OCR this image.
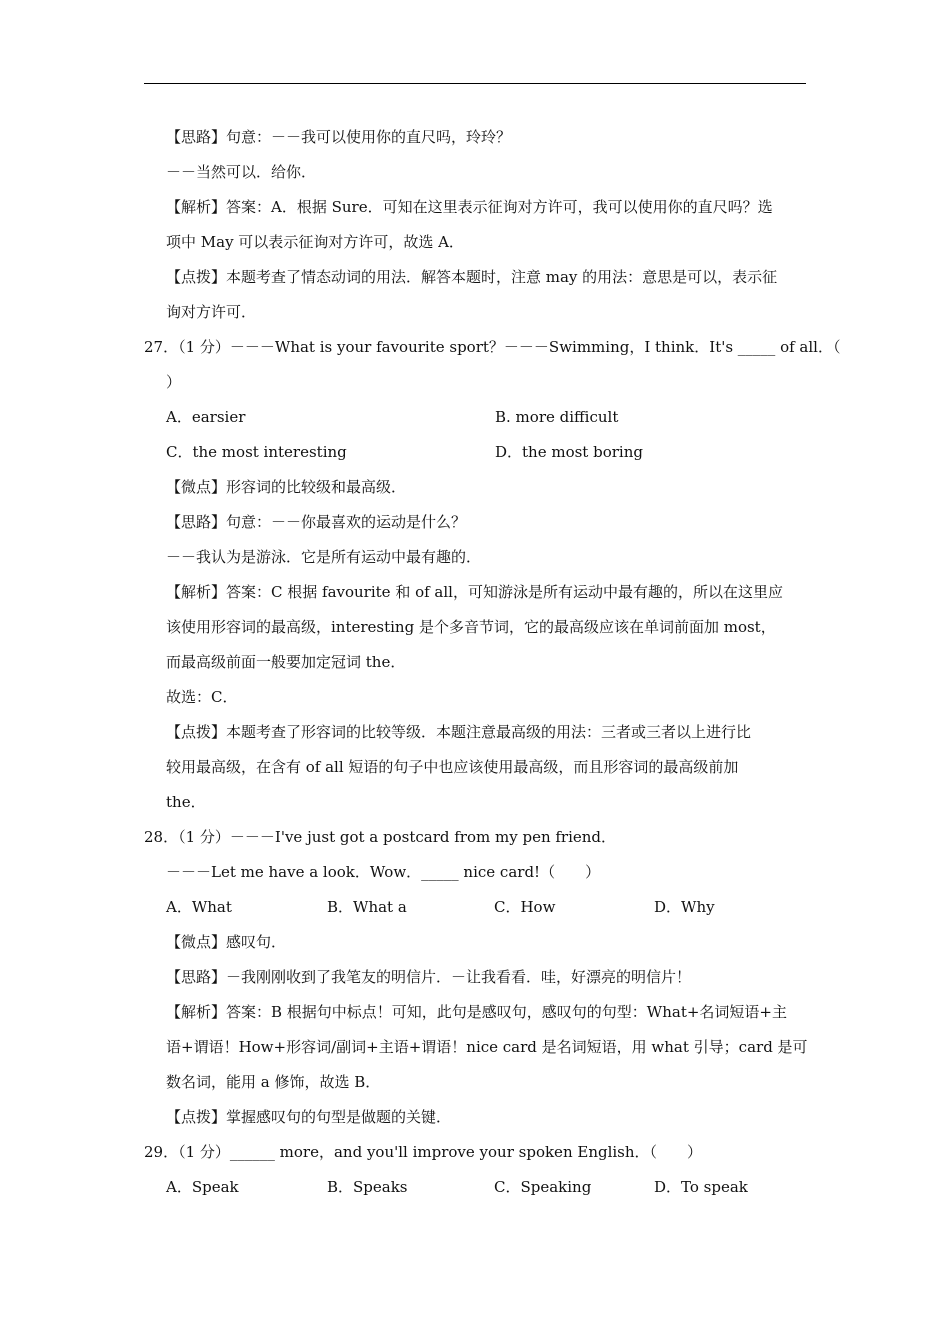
【思路】句意：－－我可以使用你的直尺吗，玲玲？
－－当然可以．给你．
【解析】答案：A．根据 Sure．可知在这里表示征询对方许可，我可以使用你的直尺吗？选
项中 May 可以表示征询对方许可，故选 A．
【点拨】本题考查了情态动词的用法．解答本题时，注意 may 的用法：意思是可以，表示征
询对方许可．
27．（1 分）－－－What is your favourite sport？－－－Swimming，I think．It's _____ of all．（
）
A．earsier	B. more difficult
C．the most interesting	D．the most boring
【微点】形容词的比较级和最高级．
【思路】句意：－－你最喜欢的运动是什么？
－－我认为是游泳．它是所有运动中最有趣的．
【解析】答案：C 根据 favourite 和 of all，可知游泳是所有运动中最有趣的，所以在这里应
该使用形容词的最高级，interesting 是个多音节词，它的最高级应该在单词前面加 most，
而最高级前面一般要加定冠词 the．
故选：C．
【点拨】本题考查了形容词的比较等级．本题注意最高级的用法：三者或三者以上进行比
较用最高级，在含有 of all 短语的句子中也应该使用最高级，而且形容词的最高级前加
the．
28．（1 分）－－－I've just got a postcard from my pen friend．
－－－Let me have a look．Wow．_____ nice card!（　　）
A．What	B．What a	C．How	D．Why
【微点】感叹句．
【思路】－我刚刚收到了我笔友的明信片．－让我看看．哇，好漂亮的明信片！
【解析】答案：B 根据句中标点！可知，此句是感叹句，感叹句的句型：What+名词短语+主
语+谓语！How+形容词/副词+主语+谓语！nice card 是名词短语，用 what 引导；card 是可
数名词，能用 a 修饰，故选 B．
【点拨】掌握感叹句的句型是做题的关键．
29．（1 分）______ more，and you'll improve your spoken English．（　　）
A．Speak	B．Speaks	C．Speaking	D．To speak
